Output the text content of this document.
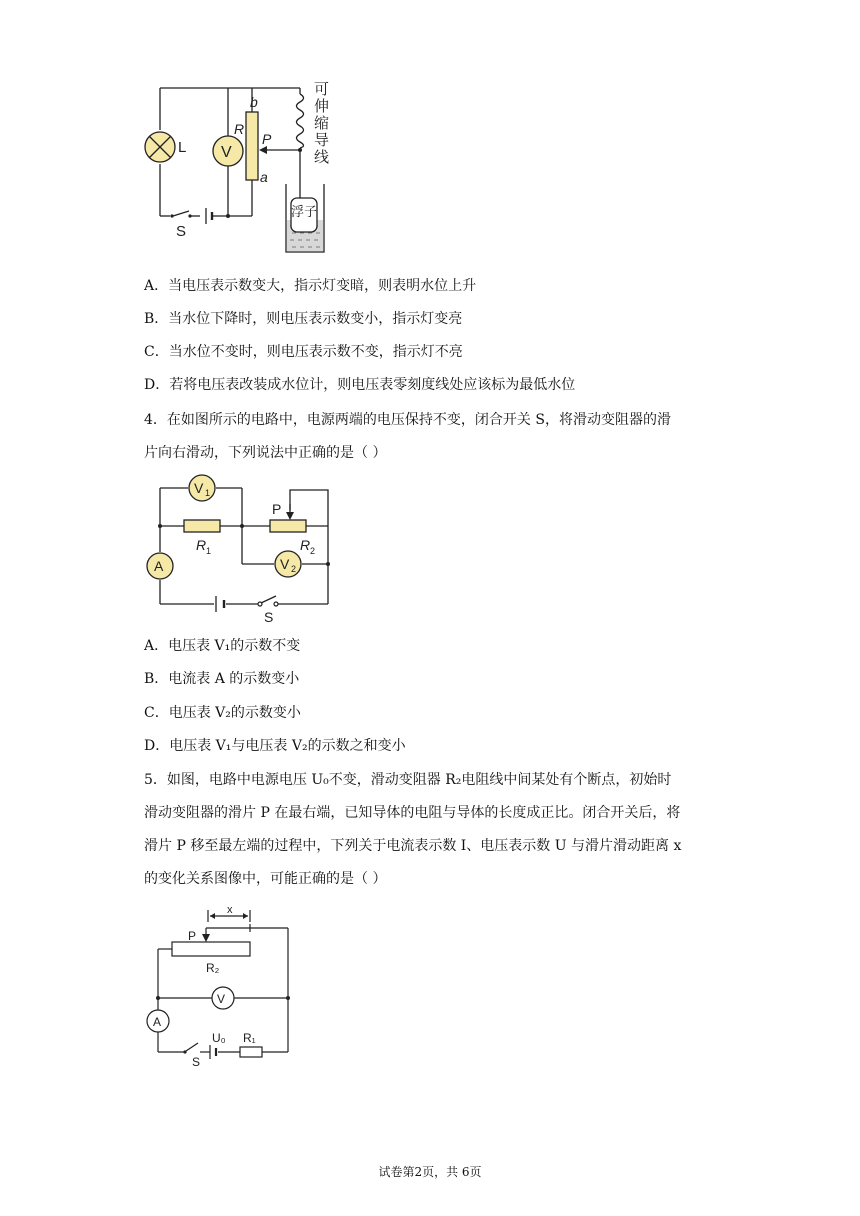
L V
R
b
a
P
S
浮子
可
伸
缩
导
线
A．当电压表示数变大，指示灯变暗，则表明水位上升
B．当水位下降时，则电压表示数变小，指示灯变亮
C．当水位不变时，则电压表示数不变，指示灯不亮
D．若将电压表改装成水位计，则电压表零刻度线处应该标为最低水位
4．在如图所示的电路中，电源两端的电压保持不变，闭合开关 S，将滑动变阻器的滑
片向右滑动，下列说法中正确的是（ ）
V 1
R 1
P
R 2
V 2
A
S
A．电压表 V₁的示数不变
B．电流表 A 的示数变小
C．电压表 V₂的示数变小
D．电压表 V₁与电压表 V₂的示数之和变小
5．如图，电路中电源电压 U₀不变，滑动变阻器 R₂电阻线中间某处有个断点，初始时
滑动变阻器的滑片 P 在最右端，已知导体的电阻与导体的长度成正比。闭合开关后，将
滑片 P 移至最左端的过程中，下列关于电流表示数 I、电压表示数 U 与滑片滑动距离 x
的变化关系图像中，可能正确的是（ ）
x
P
R₂
V
A
S
U₀ R₁
试卷第2页，共 6页
